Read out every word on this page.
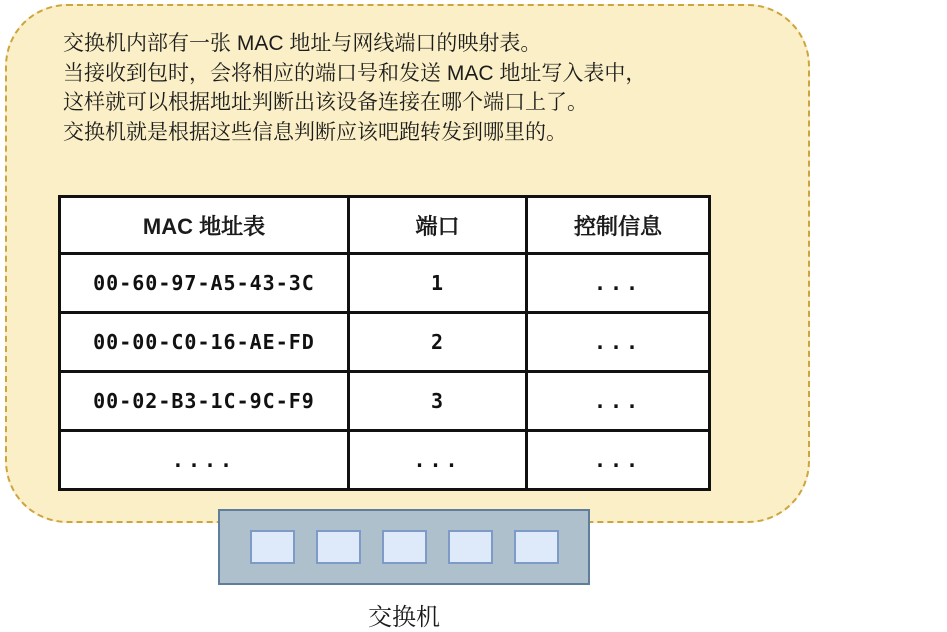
交换机内部有一张 MAC 地址与网线端口的映射表。
当接收到包时，会将相应的端口号和发送 MAC 地址写入表中，
这样就可以根据地址判断出该设备连接在哪个端口上了。
交换机就是根据这些信息判断应该吧跑转发到哪里的。
MAC 地址表	端口	控制信息
00-60-97-A5-43-3C	1	...
00-00-C0-16-AE-FD	2	...
00-02-B3-1C-9C-F9	3	...
....	...	...
交换机
